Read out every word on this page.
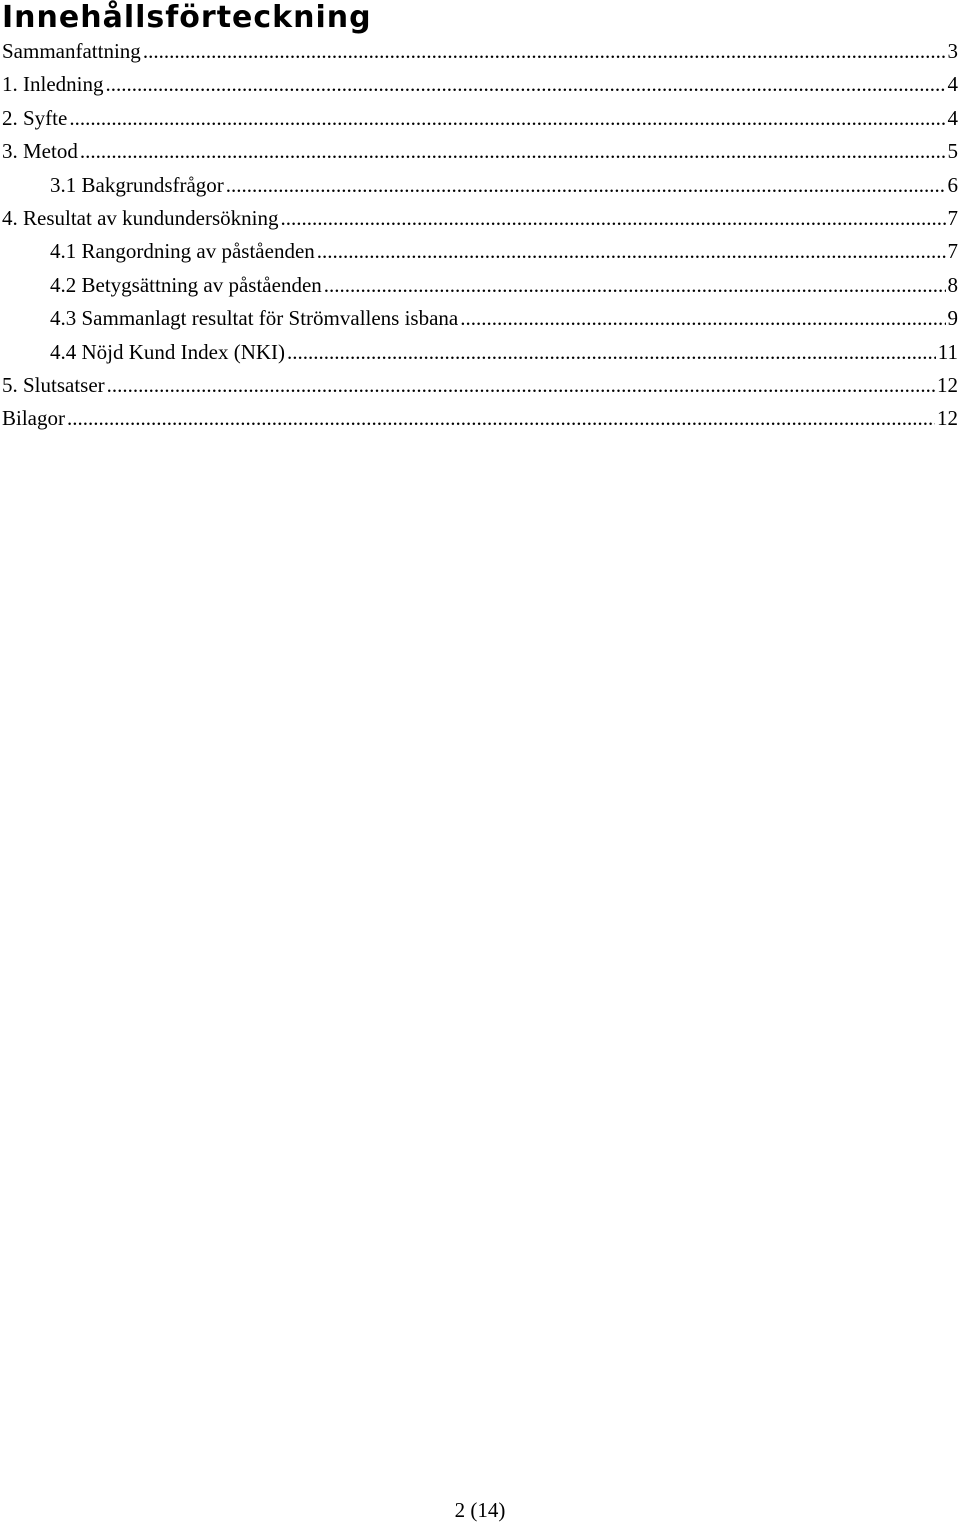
Innehållsförteckning
Sammanfattning .....	3
1. Inledning .....	4
2. Syfte .....	4
3. Metod .....	5
3.1 Bakgrundsfrågor .....	6
4. Resultat av kundundersökning .....	7
4.1 Rangordning av påståenden .....	7
4.2 Betygsättning av påståenden .....	8
4.3 Sammanlagt resultat för Strömvallens isbana .....	9
4.4 Nöjd Kund Index (NKI) .....	11
5. Slutsatser .....	12
Bilagor .....	12
2 (14)
